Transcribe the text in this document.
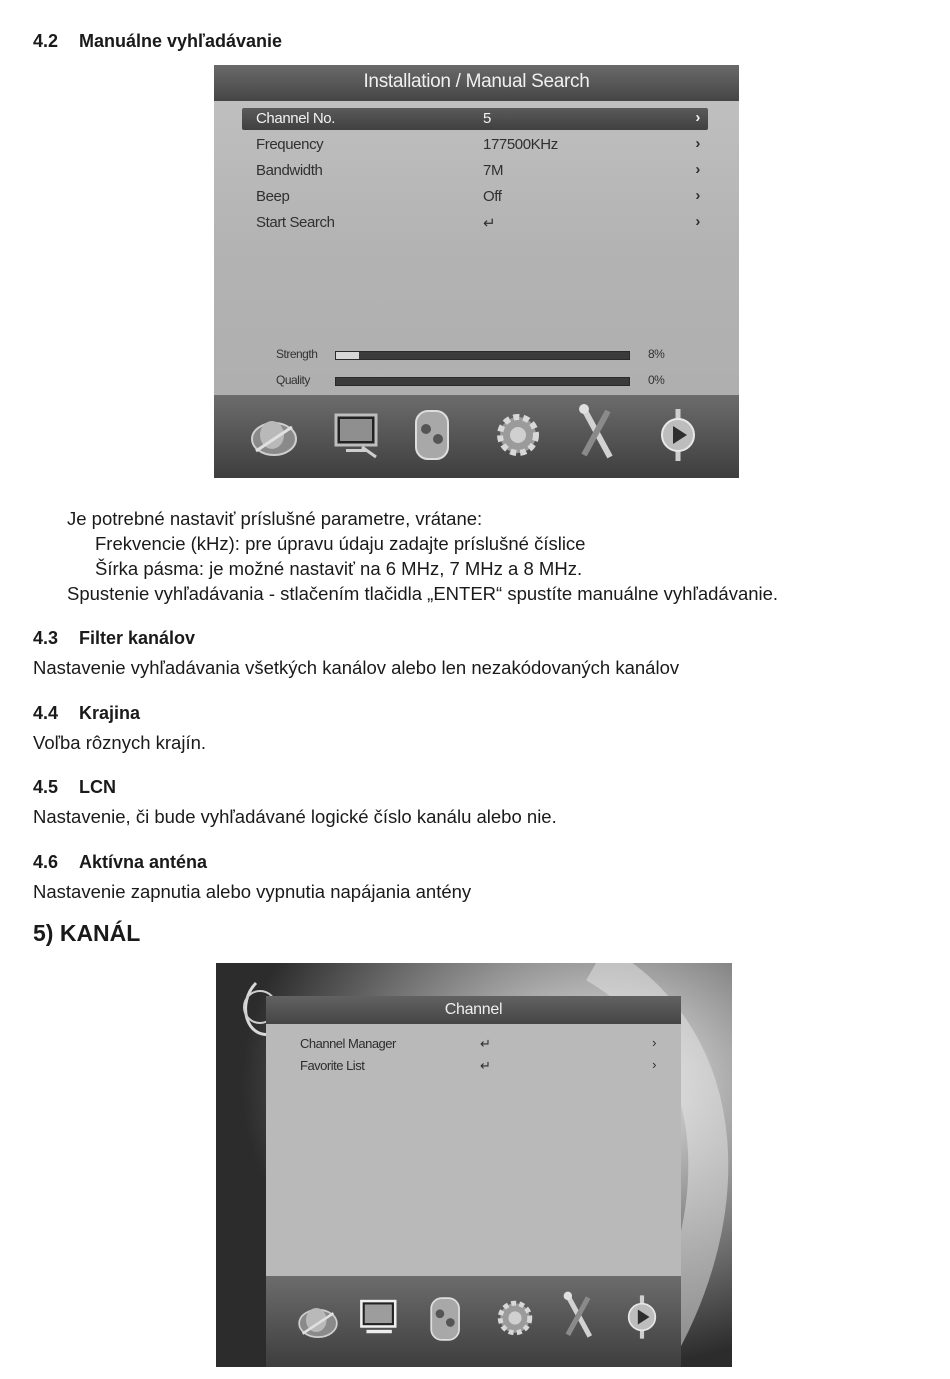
4.2 Manuálne vyhľadávanie
Installation / Manual Search
Channel No.	5	›
Frequency	177500KHz	›
Bandwidth	7M	›
Beep	Off	›
Start Search	↵	›
Strength	8%
Quality	0%
Je potrebné nastaviť príslušné parametre, vrátane:
Frekvencie (kHz): pre úpravu údaju zadajte príslušné číslice
Šírka pásma: je možné nastaviť na 6 MHz, 7 MHz a 8 MHz.
Spustenie vyhľadávania - stlačením tlačidla „ENTER“ spustíte manuálne vyhľadávanie.
4.3 Filter kanálov
Nastavenie vyhľadávania všetkých kanálov alebo len nezakódovaných kanálov
4.4 Krajina
Voľba rôznych krajín.
4.5 LCN
Nastavenie, či bude vyhľadávané logické číslo kanálu alebo nie.
4.6 Aktívna anténa
Nastavenie zapnutia alebo vypnutia napájania antény
5) KANÁL
Channel
Channel Manager	↵	›
Favorite List	↵	›
